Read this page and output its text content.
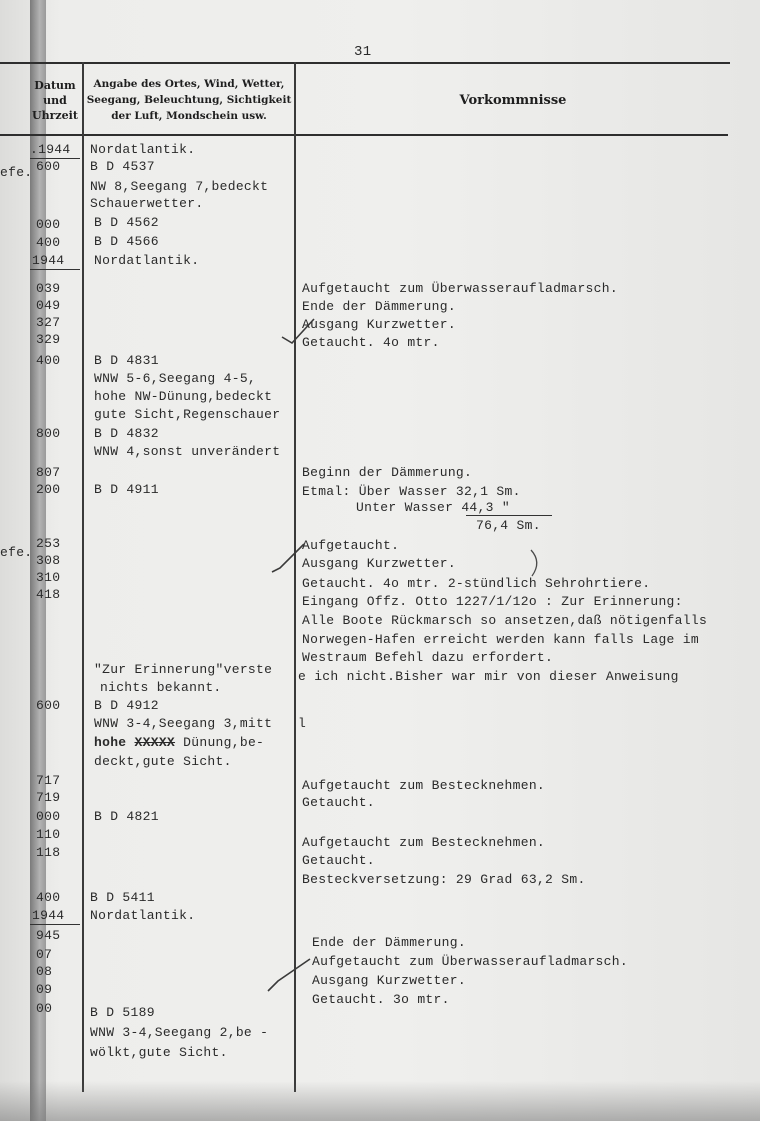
31
Datum
und
Uhrzeit
Angabe des Ortes, Wind, Wetter,
Seegang, Beleuchtung, Sichtigkeit
der Luft, Mondschein usw.
Vorkommnisse
efe.
efe.
.1944
600
000
400
1944
039
049
327
329
400
800
807
200
253
308
310
418
600
717
719
000
110
118
400
1944
945
07
08
09
00
Nordatlantik.
B D 4537
NW 8,Seegang 7,bedeckt
Schauerwetter.
B D 4562
B D 4566
Nordatlantik.
B D 4831
WNW 5-6,Seegang 4-5,
hohe NW-Dünung,bedeckt
gute Sicht,Regenschauer
B D 4832
WNW 4,sonst unverändert
B D 4911
"Zur Erinnerung"verste
nichts bekannt.
B D 4912
WNW 3-4,Seegang 3,mitt
hohe XXXXX Dünung,be-
deckt,gute Sicht.
B D 4821
B D 5411
Nordatlantik.
B D 5189
WNW 3-4,Seegang 2,be -
wölkt,gute Sicht.
Aufgetaucht zum Überwasseraufladmarsch.
Ende der Dämmerung.
Ausgang Kurzwetter.
Getaucht. 4o mtr.
Beginn der Dämmerung.
Etmal: Über Wasser 32,1 Sm.
Unter Wasser 44,3 "
76,4 Sm.
Aufgetaucht.
Ausgang Kurzwetter.
Getaucht. 4o mtr. 2-stündlich Sehrohrtiere.
Eingang Offz. Otto 1227/1/12o : Zur Erinnerung:
Alle Boote Rückmarsch so ansetzen,daß nötigenfalls
Norwegen-Hafen erreicht werden kann falls Lage im
Westraum Befehl dazu erfordert.
e ich nicht.Bisher war mir von dieser Anweisung
l
Aufgetaucht zum Bestecknehmen.
Getaucht.
Aufgetaucht zum Bestecknehmen.
Getaucht.
Besteckversetzung: 29 Grad 63,2 Sm.
Ende der Dämmerung.
Aufgetaucht zum Überwasseraufladmarsch.
Ausgang Kurzwetter.
Getaucht. 3o mtr.
